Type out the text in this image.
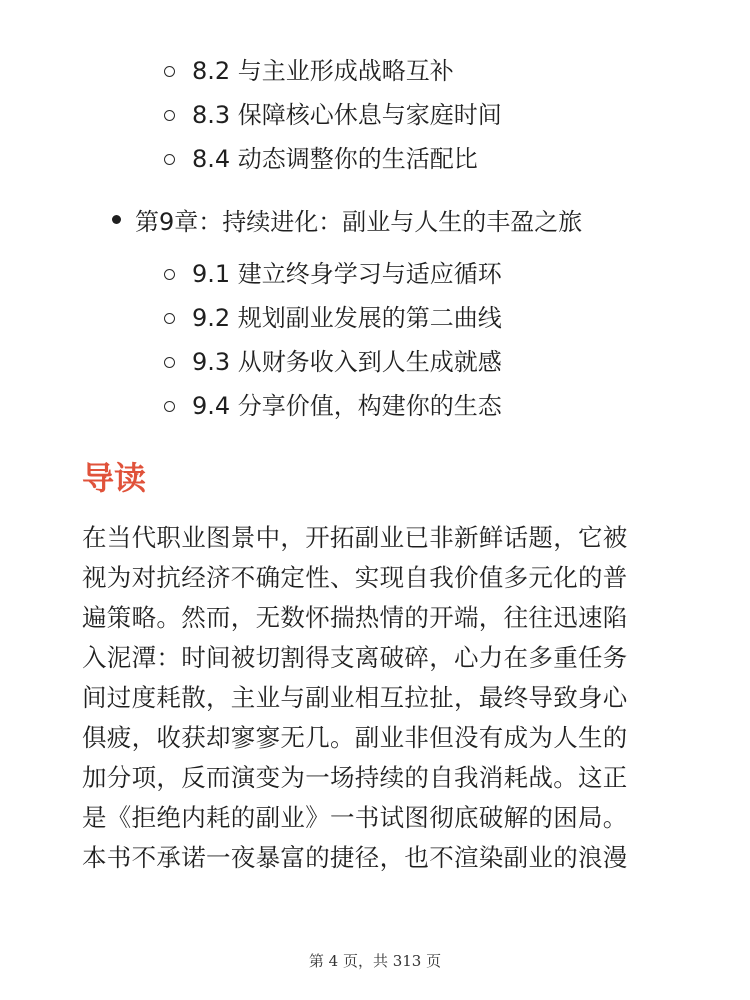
8.2 与主业形成战略互补
8.3 保障核心休息与家庭时间
8.4 动态调整你的生活配比
第9章：持续进化：副业与人生的丰盈之旅
9.1 建立终身学习与适应循环
9.2 规划副业发展的第二曲线
9.3 从财务收入到人生成就感
9.4 分享价值，构建你的生态
导读
在当代职业图景中，开拓副业已非新鲜话题，它被
视为对抗经济不确定性、实现自我价值多元化的普
遍策略。然而，无数怀揣热情的开端，往往迅速陷
入泥潭：时间被切割得支离破碎，心力在多重任务
间过度耗散，主业与副业相互拉扯，最终导致身心
俱疲，收获却寥寥无几。副业非但没有成为人生的
加分项，反而演变为一场持续的自我消耗战。这正
是《拒绝内耗的副业》一书试图彻底破解的困局。
本书不承诺一夜暴富的捷径，也不渲染副业的浪漫
第 4 页，共 313 页
